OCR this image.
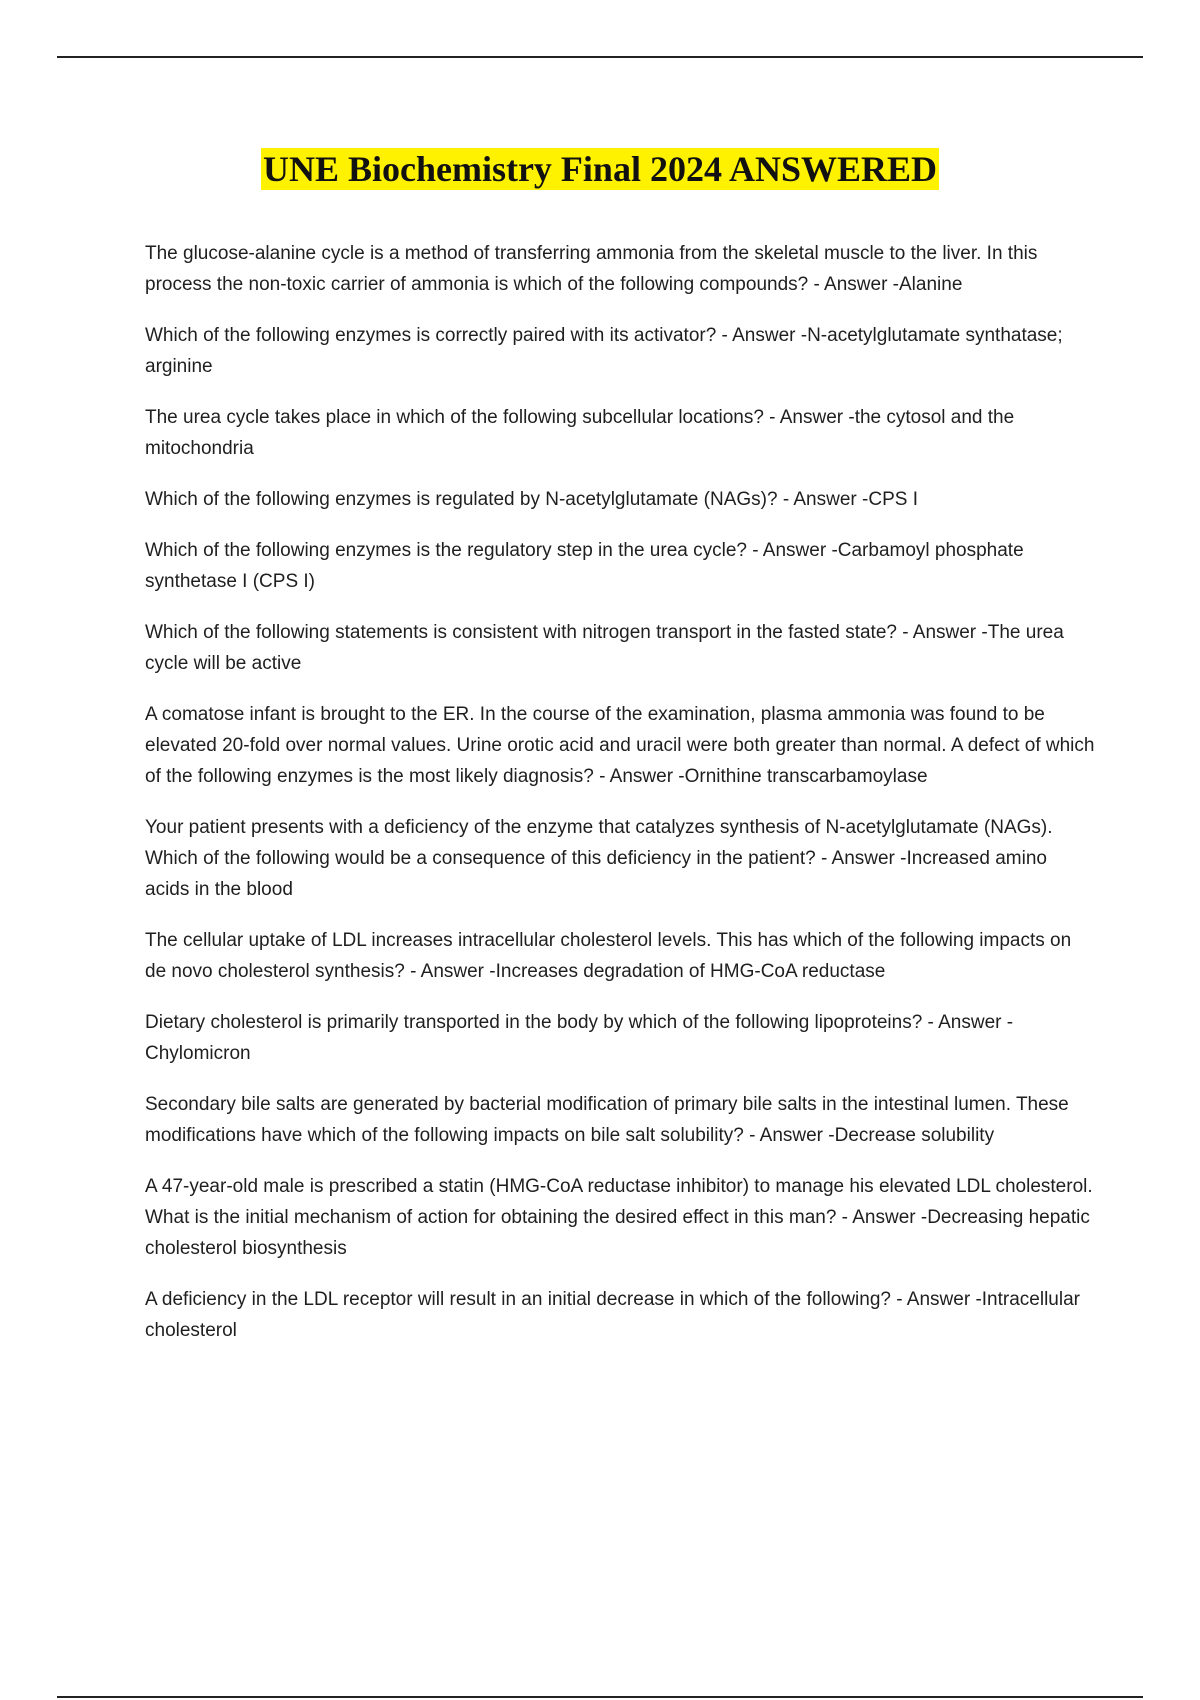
UNE Biochemistry Final 2024 ANSWERED

The glucose-alanine cycle is a method of transferring ammonia from the skeletal muscle to the liver. In this process the non-toxic carrier of ammonia is which of the following compounds? - Answer -Alanine

Which of the following enzymes is correctly paired with its activator? - Answer -N-acetylglutamate synthatase; arginine

The urea cycle takes place in which of the following subcellular locations? - Answer -the cytosol and the mitochondria

Which of the following enzymes is regulated by N-acetylglutamate (NAGs)? - Answer -CPS I

Which of the following enzymes is the regulatory step in the urea cycle? - Answer -Carbamoyl phosphate synthetase I (CPS I)

Which of the following statements is consistent with nitrogen transport in the fasted state? - Answer -The urea cycle will be active

A comatose infant is brought to the ER. In the course of the examination, plasma ammonia was found to be elevated 20-fold over normal values. Urine orotic acid and uracil were both greater than normal. A defect of which of the following enzymes is the most likely diagnosis? - Answer -Ornithine transcarbamoylase

Your patient presents with a deficiency of the enzyme that catalyzes synthesis of N-acetylglutamate (NAGs). Which of the following would be a consequence of this deficiency in the patient? - Answer -Increased amino acids in the blood

The cellular uptake of LDL increases intracellular cholesterol levels. This has which of the following impacts on de novo cholesterol synthesis? - Answer -Increases degradation of HMG-CoA reductase

Dietary cholesterol is primarily transported in the body by which of the following lipoproteins? - Answer -Chylomicron

Secondary bile salts are generated by bacterial modification of primary bile salts in the intestinal lumen. These modifications have which of the following impacts on bile salt solubility? - Answer -Decrease solubility

A 47-year-old male is prescribed a statin (HMG-CoA reductase inhibitor) to manage his elevated LDL cholesterol. What is the initial mechanism of action for obtaining the desired effect in this man? - Answer -Decreasing hepatic cholesterol biosynthesis

A deficiency in the LDL receptor will result in an initial decrease in which of the following? - Answer -Intracellular cholesterol
